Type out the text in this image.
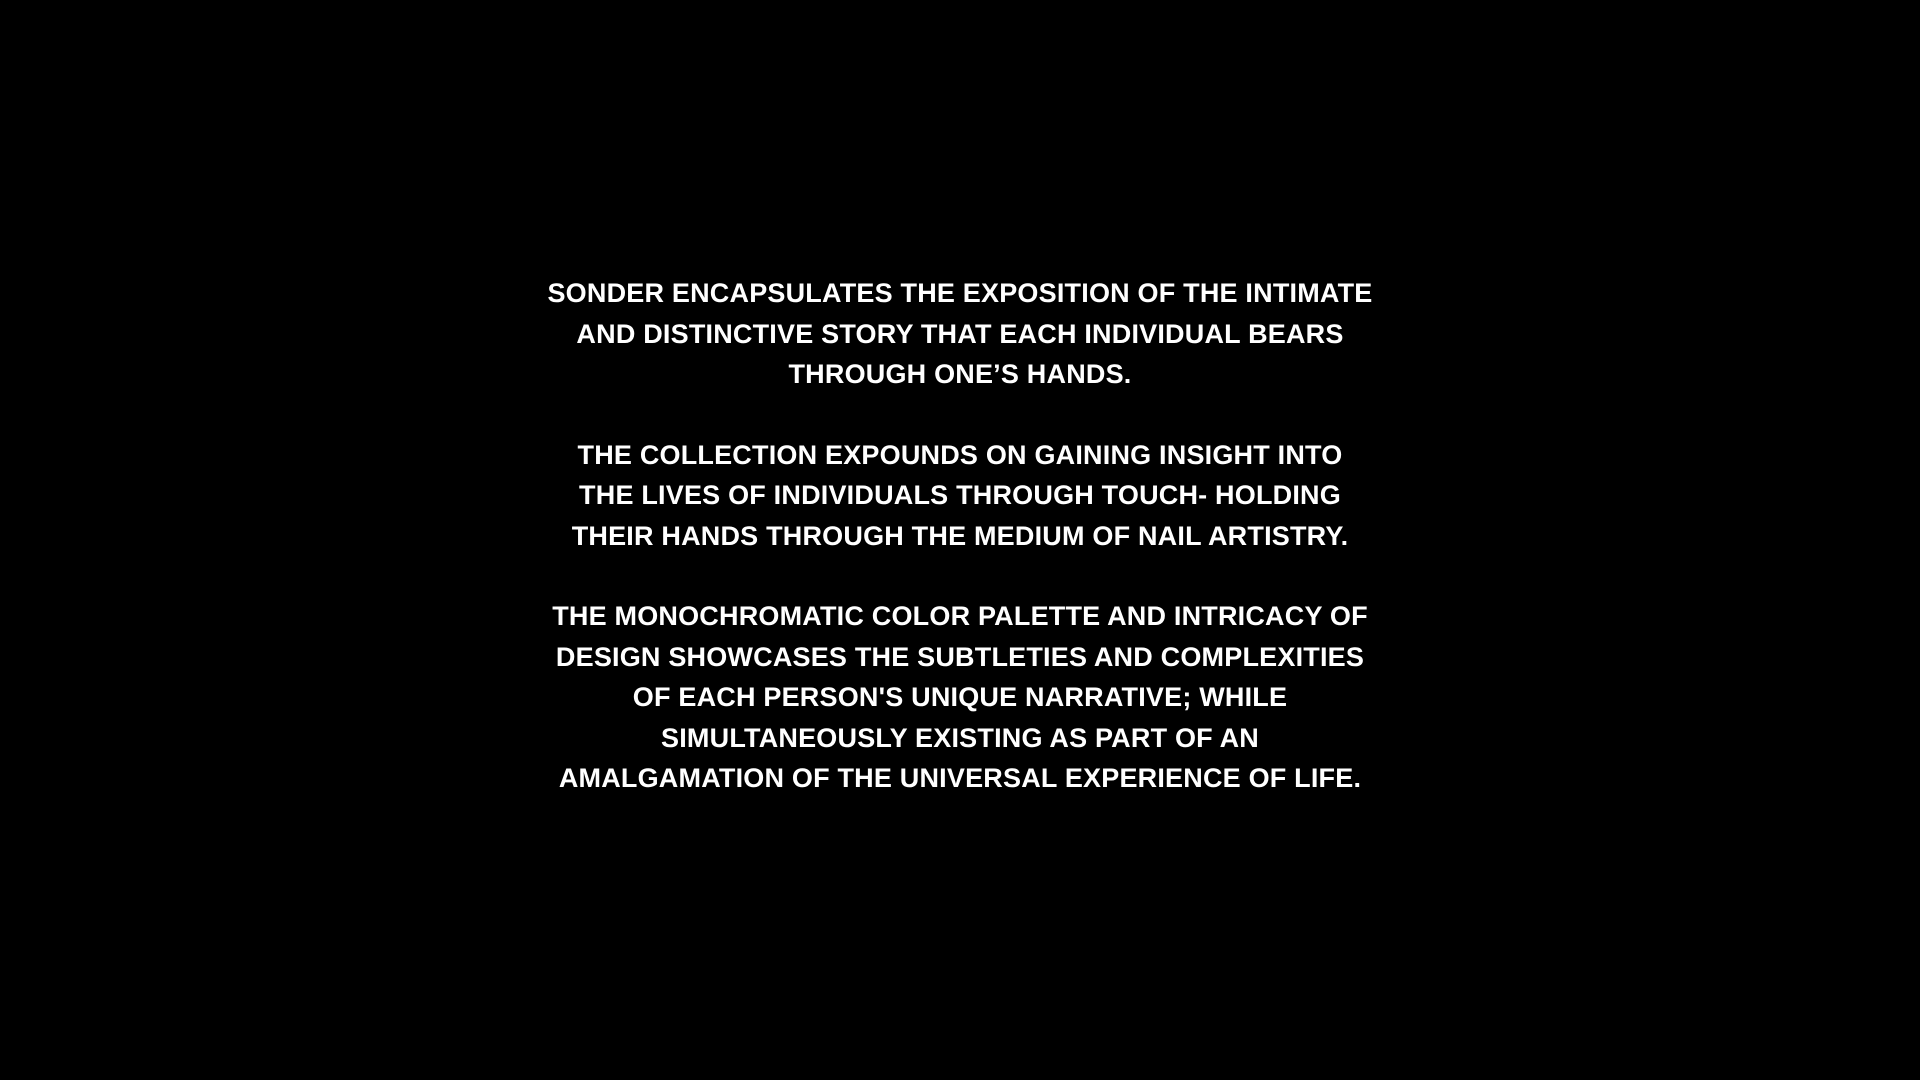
SONDER ENCAPSULATES THE EXPOSITION OF THE INTIMATE
AND DISTINCTIVE STORY THAT EACH INDIVIDUAL BEARS
THROUGH ONE’S HANDS.

THE COLLECTION EXPOUNDS ON GAINING INSIGHT INTO
THE LIVES OF INDIVIDUALS THROUGH TOUCH- HOLDING
THEIR HANDS THROUGH THE MEDIUM OF NAIL ARTISTRY.

THE MONOCHROMATIC COLOR PALETTE AND INTRICACY OF
DESIGN SHOWCASES THE SUBTLETIES AND COMPLEXITIES
OF EACH PERSON'S UNIQUE NARRATIVE; WHILE
SIMULTANEOUSLY EXISTING AS PART OF AN
AMALGAMATION OF THE UNIVERSAL EXPERIENCE OF LIFE.
